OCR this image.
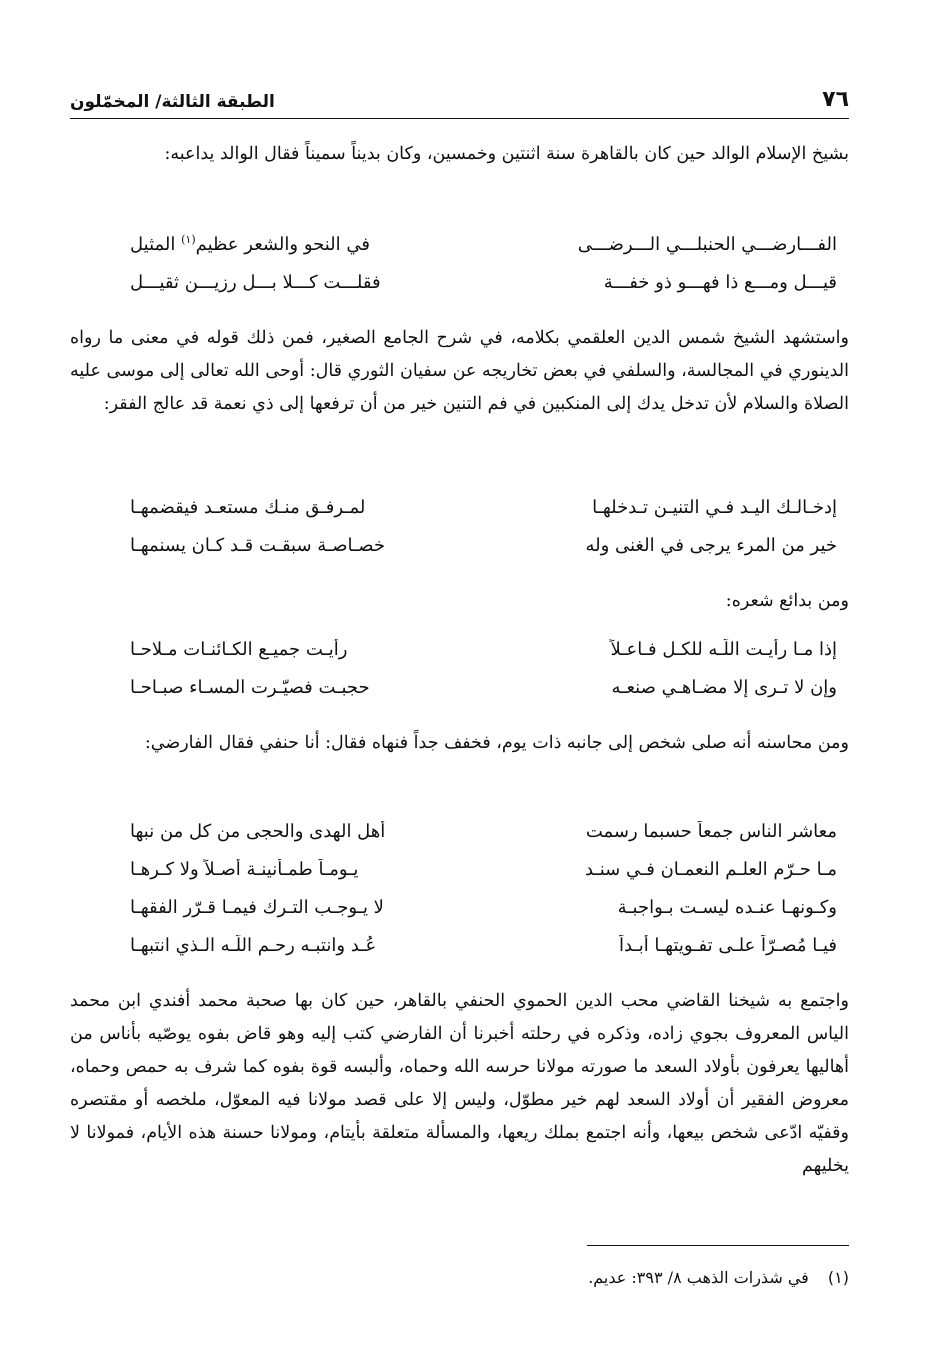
٧٦
الطبقة الثالثة/ المخمّلون

بشيخ الإسلام الوالد حين كان بالقاهرة سنة اثنتين وخمسين، وكان بديناً سميناً فقال الوالد يداعبه:

الفـــارضـــي الحنبلـــي الـــرضـــى
في النحو والشعر عظيم$^{(١)}$ المثيل
قيـــل ومـــع ذا فهـــو ذو خفـــة
فقلـــت كـــلا بـــل رزيـــن ثقيـــل

واستشهد الشيخ شمس الدين العلقمي بكلامه، في شرح الجامع الصغير، فمن ذلك قوله في معنى ما رواه الدينوري في المجالسة، والسلفي في بعض تخاريجه عن سفيان الثوري قال: أوحى الله تعالى إلى موسى عليه الصلاة والسلام لأن تدخل يدك إلى المنكبين في فم التنين خير من أن ترفعها إلى ذي نعمة قد عالج الفقر:

إدخـالـك اليـد فـي التنيـن تـدخلهـا
لمـرفـق منـك مستعـد فيقضمهـا
خير من المرء يرجى في الغنى وله
خصـاصـة سبقـت قـد كـان يسنمهـا

ومن بدائع شعره:

إذا مـا رأيـت اللّـه للكـل فـاعـلاً
رأيـت جميـع الكـائنـات مـلاحـا
وإن لا تـرى إلا مضـاهـي صنعـه
حجبـت فصيّـرت المسـاء صبـاحـا

ومن محاسنه أنه صلى شخص إلى جانبه ذات يوم، فخفف جداً فنهاه فقال: أنا حنفي فقال الفارضي:

معاشر الناس جمعاً حسبما رسمت
أهل الهدى والحجى من كل من نبها
مـا حـرّم العلـم النعمـان فـي سنـد
يـومـاً طمـأنينـة أصـلاً ولا كـرهـا
وكـونهـا عنـده ليسـت بـواجبـة
لا يـوجـب التـرك فيمـا قـرّر الفقهـا
فيـا مُصـرّاً علـى تفـويتهـا أبـداً
عُـد وانتبـه رحـم اللّـه الـذي انتبهـا

واجتمع به شيخنا القاضي محب الدين الحموي الحنفي بالقاهر، حين كان بها صحبة محمد أفندي ابن محمد الياس المعروف بجوي زاده، وذكره في رحلته أخبرنا أن الفارضي كتب إليه وهو قاض بفوه يوصّيه بأناس من أهاليها يعرفون بأولاد السعد ما صورته مولانا حرسه الله وحماه، وألبسه قوة بفوه كما شرف به حمص وحماه، معروض الفقير أن أولاد السعد لهم خير مطوّل، وليس إلا على قصد مولانا فيه المعوّل، ملخصه أو مقتصره وقفيّه ادّعى شخص بيعها، وأنه اجتمع بملك ريعها، والمسألة متعلقة بأيتام، ومولانا حسنة هذه الأيام، فمولانا لا يخليهم

(١) في شذرات الذهب ٨/ ٣٩٣: عديم.
